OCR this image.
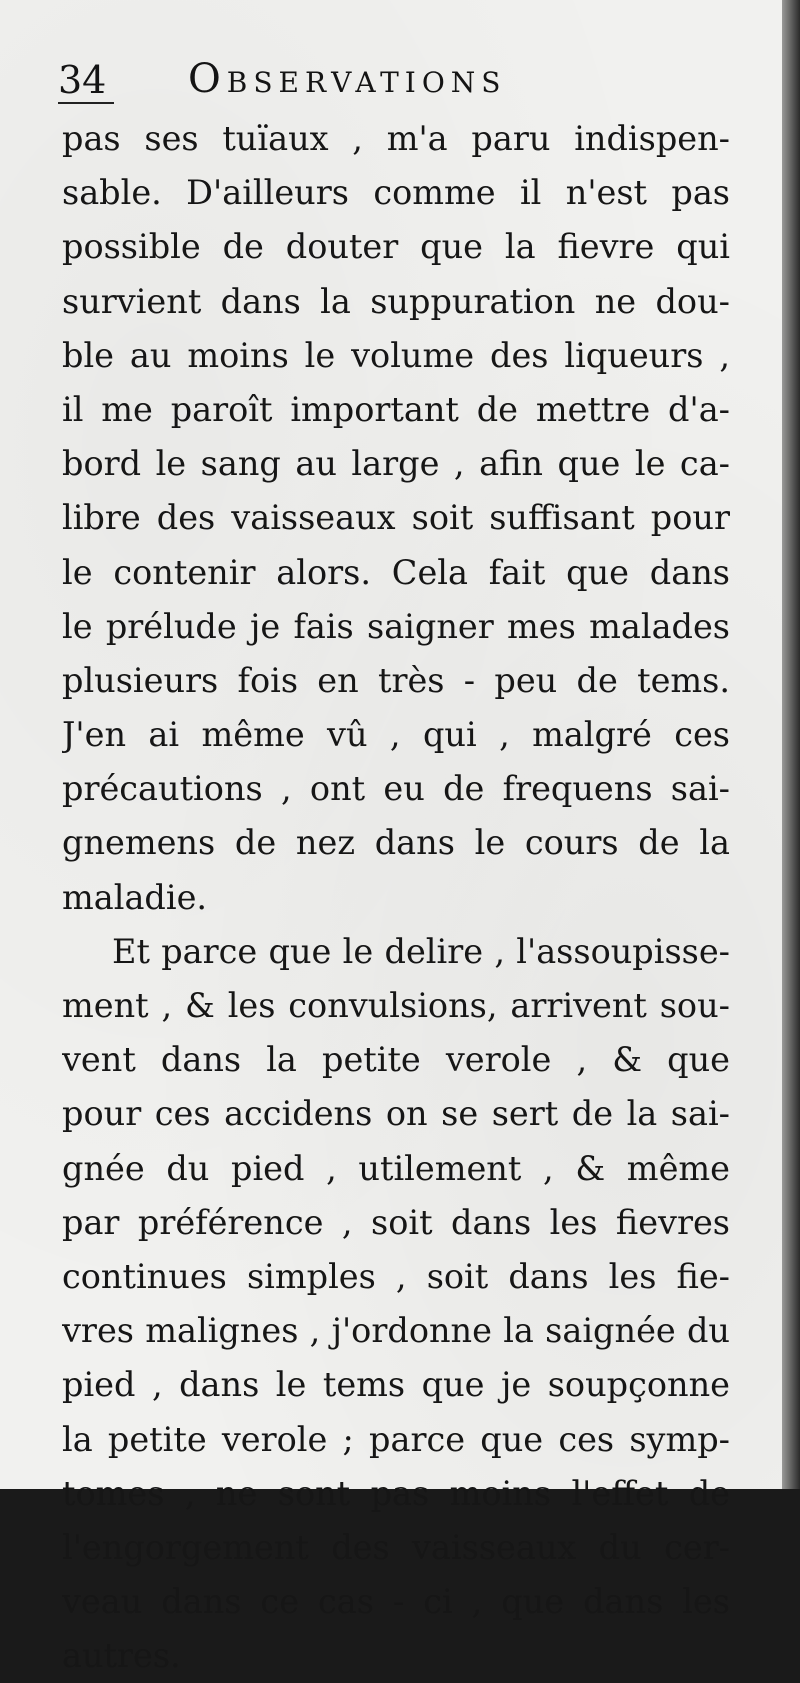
34 Observations
pas ses tuïaux , m'a paru indispen-
sable. D'ailleurs comme il n'est pas
possible de douter que la fievre qui
survient dans la suppuration ne dou-
ble au moins le volume des liqueurs ,
il me paroît important de mettre d'a-
bord le sang au large , afin que le ca-
libre des vaisseaux soit suffisant pour
le contenir alors. Cela fait que dans
le prélude je fais saigner mes malades
plusieurs fois en très - peu de tems.
J'en ai même vû , qui , malgré ces
précautions , ont eu de frequens sai-
gnemens de nez dans le cours de la
maladie.
Et parce que le delire , l'assoupisse-
ment , & les convulsions, arrivent sou-
vent dans la petite verole , & que
pour ces accidens on se sert de la sai-
gnée du pied , utilement , & même
par préférence , soit dans les fievres
continues simples , soit dans les fie-
vres malignes , j'ordonne la saignée du
pied , dans le tems que je soupçonne
la petite verole ; parce que ces symp-
tomes , ne sont pas moins l'effet de
l'engorgement des vaisseaux du cer-
veau dans ce cas - ci , que dans les
autres.
